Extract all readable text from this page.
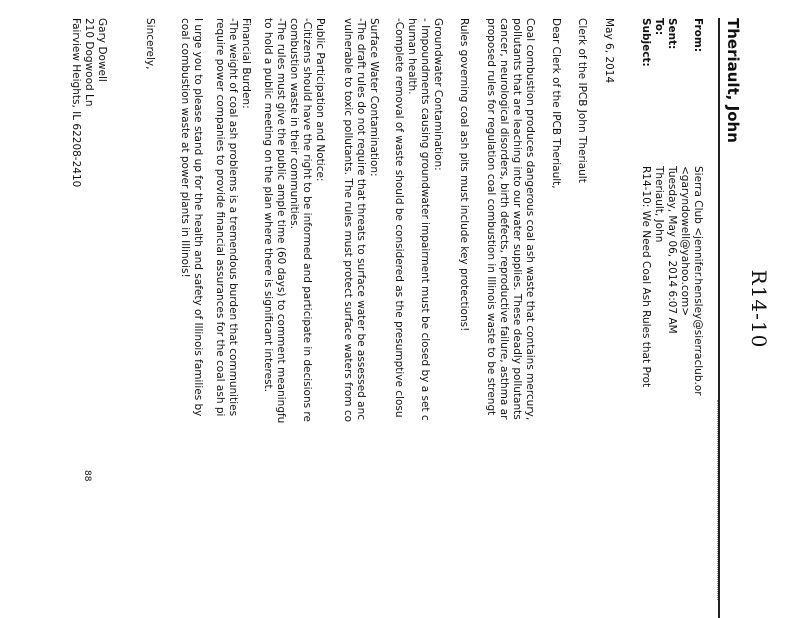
R14-10
Theriault, John
From:
Sierra Club <jennifer.hensley@sierraclub.or
<garyndowell@yahoo.com>
Sent:
Tuesday, May 06, 2014 6:07 AM
To:
Theriault, John
Subject:
R14-10: We Need Coal Ash Rules that Prot
May 6, 2014
Clerk of the IPCB John Theriault
Dear Clerk of the IPCB Theriault,
Coal combustion produces dangerous coal ash waste that contains mercury,
pollutants that are leaching into our water supplies. These deadly pollutants
cancer, neurological disorders, birth defects, reproductive failure, asthma ar
proposed rules for regulation coal combustion in Illinois waste to be strengt
Rules governing coal ash pits must include key protections!
Groundwater Contamination:
- Impoundments causing groundwater impairment must be closed by a set c
human health.
-Complete removal of waste should be considered as the presumptive closu
Surface Water Contamination:
-The draft rules do not require that threats to surface water be assessed anc
vulnerable to toxic pollutants. The rules must protect surface waters from co
Public Participation and Notice:
-Citizens should have the right to be informed and participate in decisions re
combustion waste in their communities.
-The rules must give the public ample time (60 days) to comment meaningfu
to hold a public meeting on the plan where there is significant interest.
Financial Burden:
-The weight of coal ash problems is a tremendous burden that communities
require power companies to provide financial assurances for the coal ash pi
I urge you to please stand up for the health and safety of Illinois families by
coal combustion waste at power plants in Illinois!
Sincerely,
Gary Dowell
210 Dogwood Ln
Fairview Heights, IL 62208-2410
88
